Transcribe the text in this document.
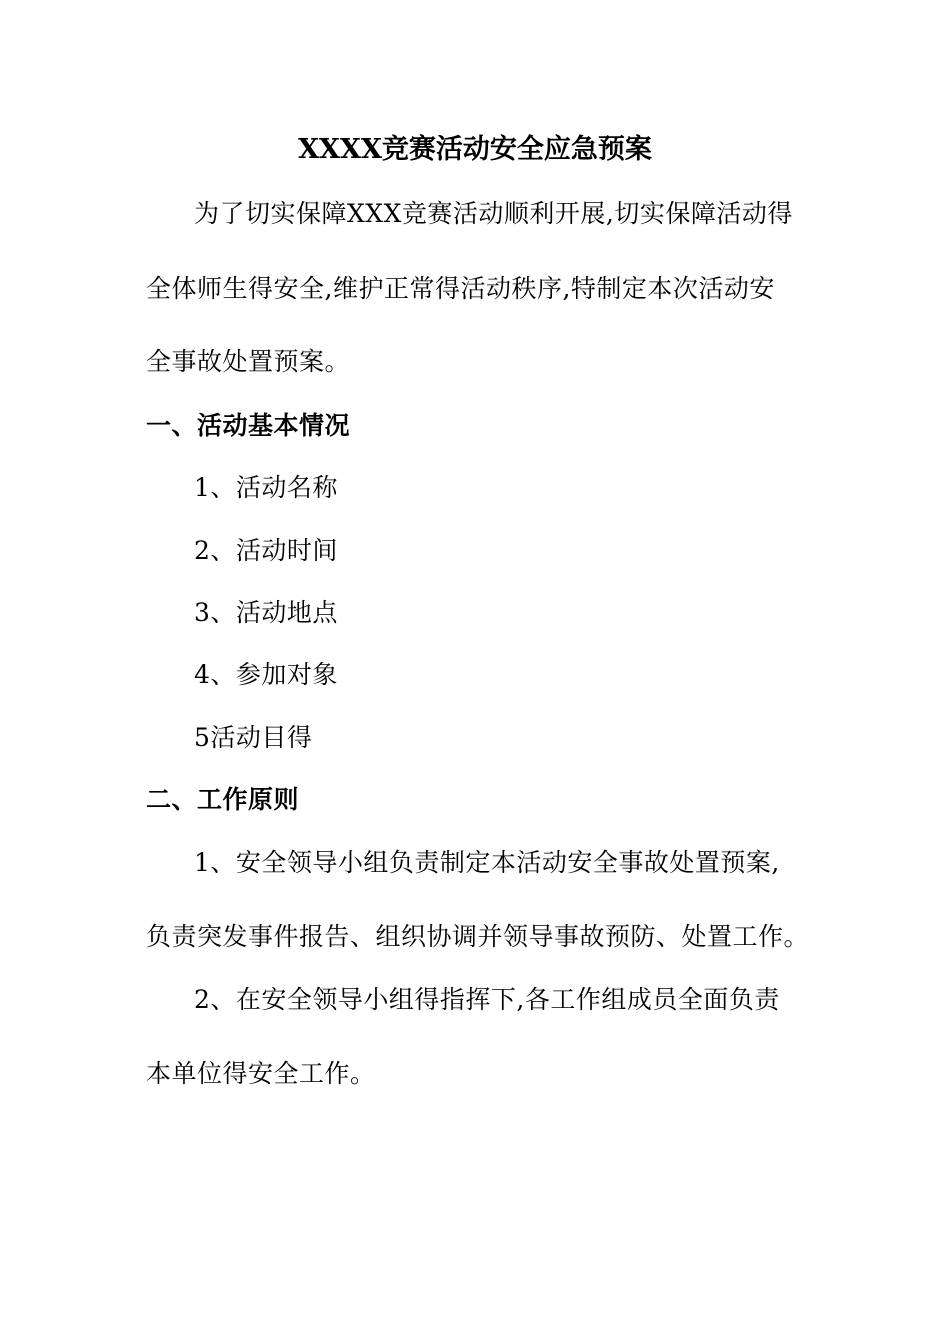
XXXX竞赛活动安全应急预案
为了切实保障XXX竞赛活动顺利开展,切实保障活动得
全体师生得安全,维护正常得活动秩序,特制定本次活动安
全事故处置预案。
一、活动基本情况
1、活动名称
2、活动时间
3、活动地点
4、参加对象
5活动目得
二、工作原则
1、安全领导小组负责制定本活动安全事故处置预案,
负责突发事件报告、组织协调并领导事故预防、处置工作。
2、在安全领导小组得指挥下,各工作组成员全面负责
本单位得安全工作。
